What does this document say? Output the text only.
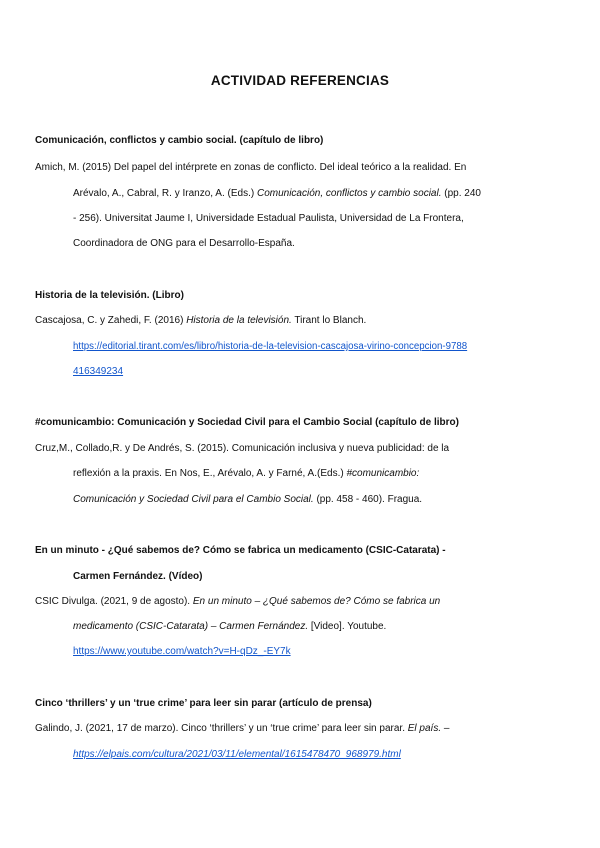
ACTIVIDAD REFERENCIAS
Comunicación, conflictos y cambio social. (capítulo de libro)
Amich, M. (2015) Del papel del intérprete en zonas de conflicto. Del ideal teórico a la realidad. En
Arévalo, A., Cabral, R. y Iranzo, A. (Eds.) Comunicación, conflictos y cambio social. (pp. 240
- 256). Universitat Jaume I, Universidade Estadual Paulista, Universidad de La Frontera,
Coordinadora de ONG para el Desarrollo-España.
Historia de la televisión. (Libro)
Cascajosa, C. y Zahedi, F. (2016) Historia de la televisión. Tirant lo Blanch.
https://editorial.tirant.com/es/libro/historia-de-la-television-cascajosa-virino-concepcion-9788
416349234
#comunicambio: Comunicación y Sociedad Civil para el Cambio Social (capítulo de libro)
Cruz,M., Collado,R. y De Andrés, S. (2015). Comunicación inclusiva y nueva publicidad: de la
reflexión a la praxis. En Nos, E., Arévalo, A. y Farné, A.(Eds.) #comunicambio:
Comunicación y Sociedad Civil para el Cambio Social. (pp. 458 - 460). Fragua.
En un minuto - ¿Qué sabemos de? Cómo se fabrica un medicamento (CSIC-Catarata) -
Carmen Fernández. (Vídeo)
CSIC Divulga. (2021, 9 de agosto). En un minuto – ¿Qué sabemos de? Cómo se fabrica un
medicamento (CSIC-Catarata) – Carmen Fernández. [Video]. Youtube.
https://www.youtube.com/watch?v=H-qDz_-EY7k
Cinco ‘thrillers’ y un ‘true crime’ para leer sin parar (artículo de prensa)
Galindo, J. (2021, 17 de marzo). Cinco ‘thrillers’ y un ‘true crime’ para leer sin parar. El país. –
https://elpais.com/cultura/2021/03/11/elemental/1615478470_968979.html
